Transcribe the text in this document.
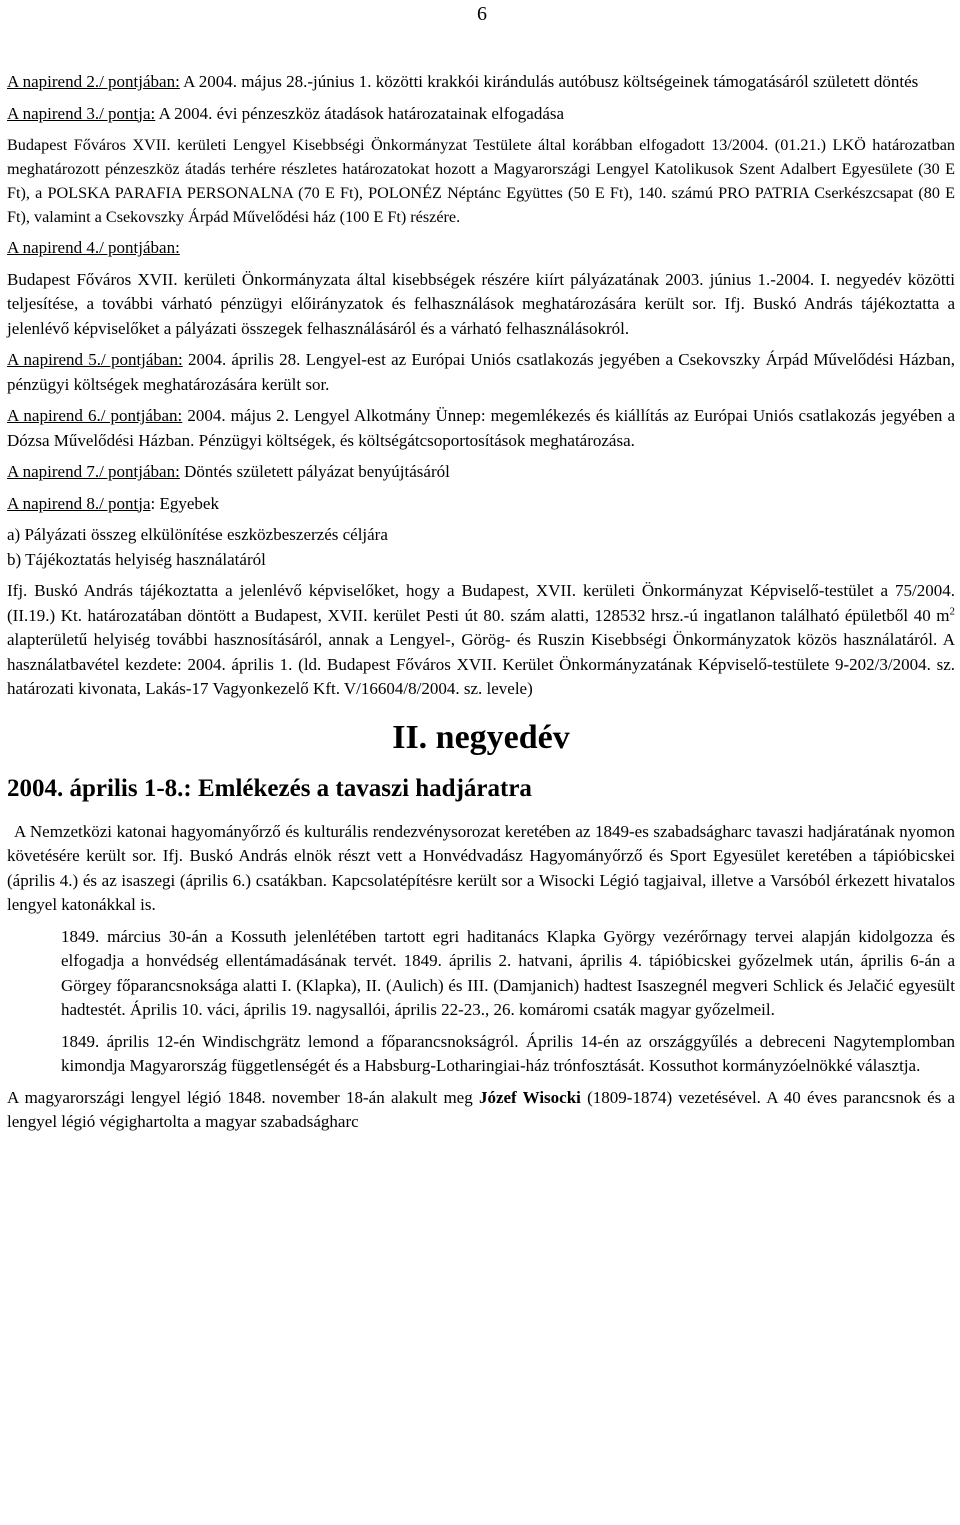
6

A napirend 2./ pontjában: A 2004. május 28.-június 1. közötti krakkói kirándulás autóbusz költségeinek támogatásáról született döntés

A napirend 3./ pontja: A 2004. évi pénzeszköz átadások határozatainak elfogadása

Budapest Főváros XVII. kerületi Lengyel Kisebbségi Önkormányzat Testülete által korábban elfogadott 13/2004. (01.21.) LKÖ határozatban meghatározott pénzeszköz átadás terhére részletes határozatokat hozott a Magyarországi Lengyel Katolikusok Szent Adalbert Egyesülete (30 E Ft), a POLSKA PARAFIA PERSONALNA (70 E Ft), POLONÉZ Néptánc Együttes (50 E Ft), 140. számú PRO PATRIA Cserkészcsapat (80 E Ft), valamint a Csekovszky Árpád Művelődési ház (100 E Ft) részére.

A napirend 4./ pontjában:

Budapest Főváros XVII. kerületi Önkormányzata által kisebbségek részére kiírt pályázatának 2003. június 1.-2004. I. negyedév közötti teljesítése, a további várható pénzügyi előirányzatok és felhasználások meghatározására került sor. Ifj. Buskó András tájékoztatta a jelenlévő képviselőket a pályázati összegek felhasználásáról és a várható felhasználásokról.

A napirend 5./ pontjában: 2004. április 28. Lengyel-est az Európai Uniós csatlakozás jegyében a Csekovszky Árpád Művelődési Házban, pénzügyi költségek meghatározására került sor.

A napirend 6./ pontjában: 2004. május 2. Lengyel Alkotmány Ünnep: megemlékezés és kiállítás az Európai Uniós csatlakozás jegyében a Dózsa Művelődési Házban. Pénzügyi költségek, és költségátcsoportosítások meghatározása.

A napirend 7./ pontjában: Döntés született pályázat benyújtásáról

A napirend 8./ pontja: Egyebek

a) Pályázati összeg elkülönítése eszközbeszerzés céljára

b) Tájékoztatás helyiség használatáról

Ifj. Buskó András tájékoztatta a jelenlévő képviselőket, hogy a Budapest, XVII. kerületi Önkormányzat Képviselő-testület a 75/2004. (II.19.) Kt. határozatában döntött a Budapest, XVII. kerület Pesti út 80. szám alatti, 128532 hrsz.-ú ingatlanon található épületből 40 $m^2$ alapterületű helyiség további hasznosításáról, annak a Lengyel-, Görög- és Ruszin Kisebbségi Önkormányzatok közös használatáról. A használatbavétel kezdete: 2004. április 1. (ld. Budapest Főváros XVII. Kerület Önkormányzatának Képviselő-testülete 9-202/3/2004. sz. határozati kivonata, Lakás-17 Vagyonkezelő Kft. V/16604/8/2004. sz. levele)

II. negyedév
2004. április 1-8.: Emlékezés a tavaszi hadjáratra

A Nemzetközi katonai hagyományőrző és kulturális rendezvénysorozat keretében az 1849-es szabadságharc tavaszi hadjáratának nyomon követésére került sor. Ifj. Buskó András elnök részt vett a Honvédvadász Hagyományőrző és Sport Egyesület keretében a tápióbicskei (április 4.) és az isaszegi (április 6.) csatákban. Kapcsolatépítésre került sor a Wisocki Légió tagjaival, illetve a Varsóból érkezett hivatalos lengyel katonákkal is.

1849. március 30-án a Kossuth jelenlétében tartott egri haditanács Klapka György vezérőrnagy tervei alapján kidolgozza és elfogadja a honvédség ellentámadásának tervét. 1849. április 2. hatvani, április 4. tápióbicskei győzelmek után, április 6-án a Görgey főparancsnoksága alatti I. (Klapka), II. (Aulich) és III. (Damjanich) hadtest Isaszegnél megveri Schlick és Jelačić egyesült hadtestét. Április 10. váci, április 19. nagysallói, április 22-23., 26. komáromi csaták magyar győzelmeil.

1849. április 12-én Windischgrätz lemond a főparancsnokságról. Április 14-én az országgyűlés a debreceni Nagytemplomban kimondja Magyarország függetlenségét és a Habsburg-Lotharingiai-ház trónfosztását. Kossuthot kormányzóelnökké választja.

A magyarországi lengyel légió 1848. november 18-án alakult meg Józef Wisocki (1809-1874) vezetésével. A 40 éves parancsnok és a lengyel légió végighartolta a magyar szabadságharc
